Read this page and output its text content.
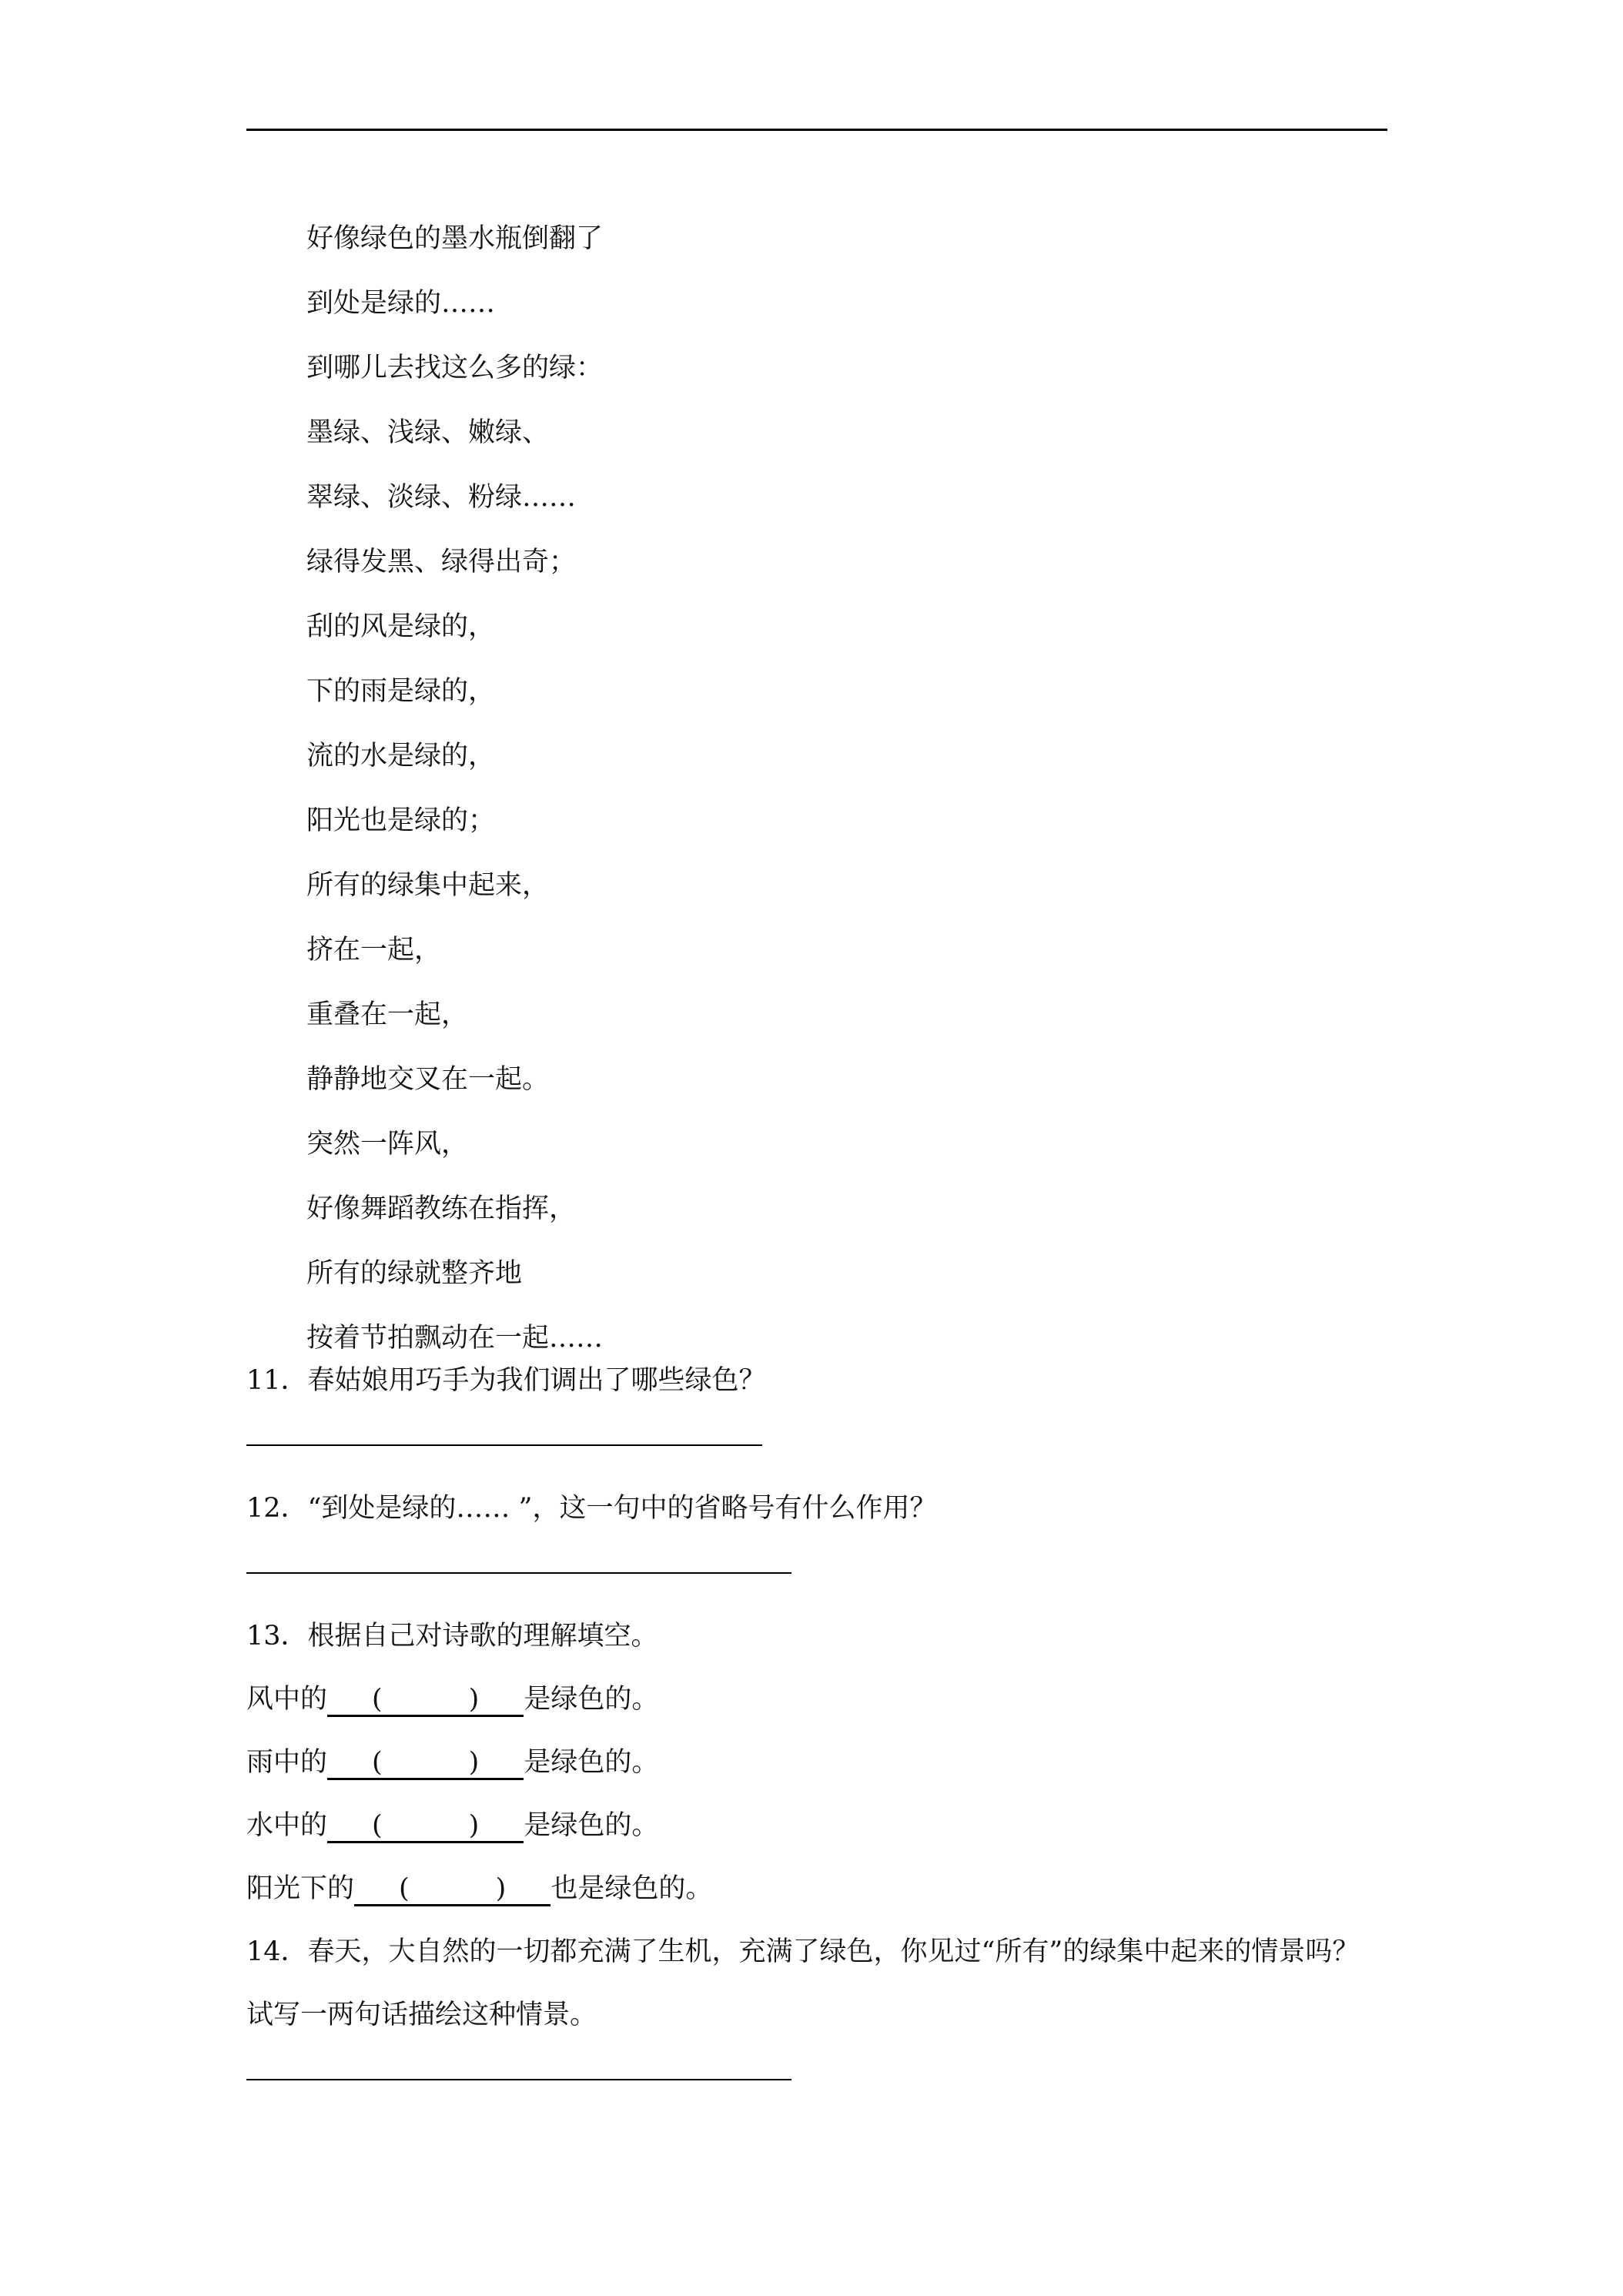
好像绿色的墨水瓶倒翻了
到处是绿的……
到哪儿去找这么多的绿：
墨绿、浅绿、嫩绿、
翠绿、淡绿、粉绿……
绿得发黑、绿得出奇；
刮的风是绿的，
下的雨是绿的，
流的水是绿的，
阳光也是绿的；
所有的绿集中起来，
挤在一起，
重叠在一起，
静静地交叉在一起。
突然一阵风，
好像舞蹈教练在指挥，
所有的绿就整齐地
按着节拍飘动在一起……
11．春姑娘用巧手为我们调出了哪些绿色？
12．“到处是绿的…… ”，这一句中的省略号有什么作用？
13．根据自己对诗歌的理解填空。
风中的 (	) 是绿色的。
雨中的 (	) 是绿色的。
水中的 (	) 是绿色的。
阳光下的 (	) 也是绿色的。
14．春天，大自然的一切都充满了生机，充满了绿色，你见过“所有”的绿集中起来的情景吗？
试写一两句话描绘这种情景。
